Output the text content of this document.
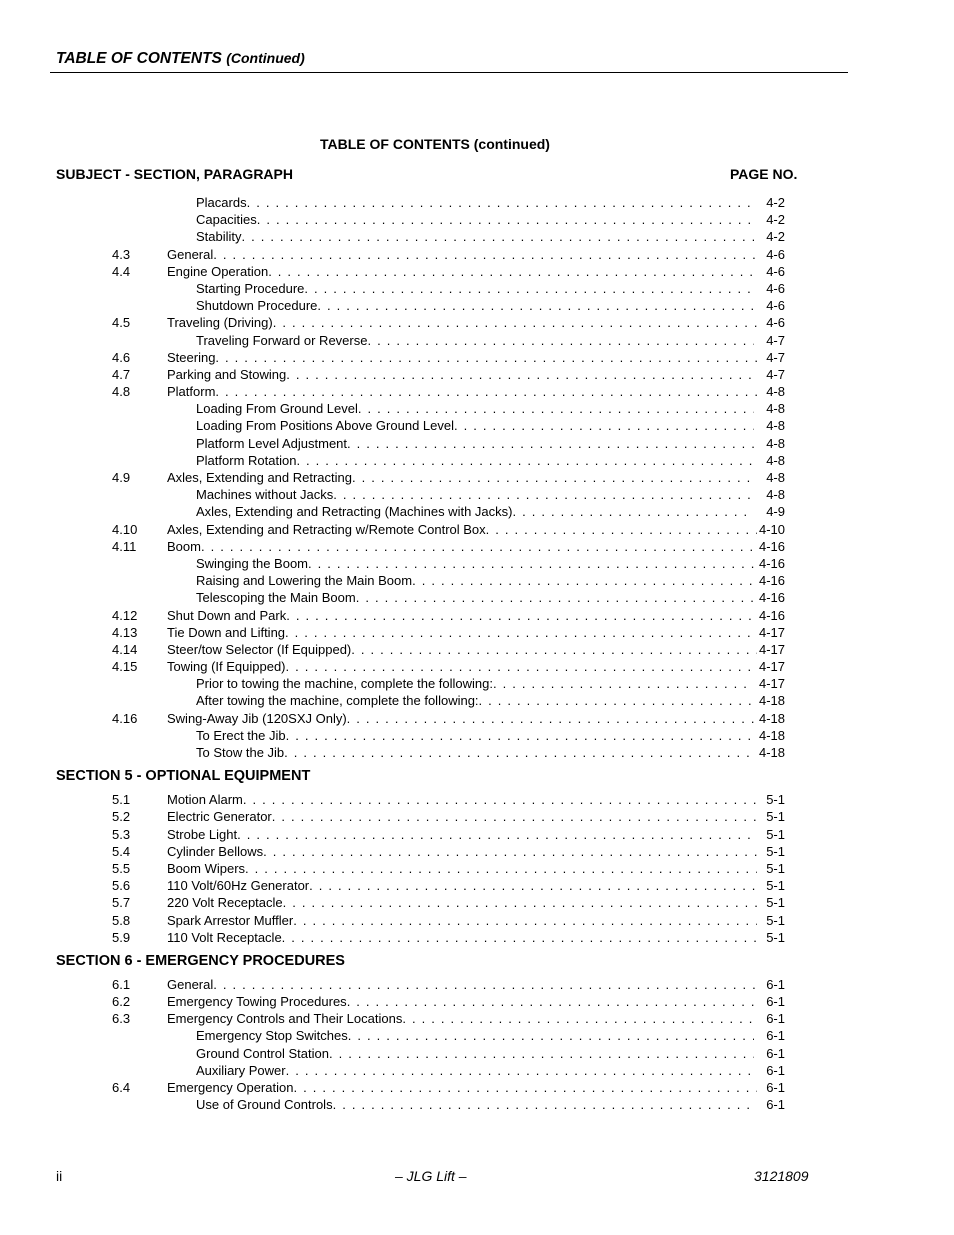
TABLE OF CONTENTS (Continued)
TABLE OF CONTENTS (continued)
SUBJECT - SECTION, PARAGRAPH	PAGE NO.
Placards . . .	4-2
Capacities . . .	4-2
Stability . . .	4-2
4.3	General . . .	4-6
4.4	Engine Operation . . .	4-6
Starting Procedure . . .	4-6
Shutdown Procedure . . .	4-6
4.5	Traveling (Driving) . . .	4-6
Traveling Forward or Reverse . . .	4-7
4.6	Steering . . .	4-7
4.7	Parking and Stowing . . .	4-7
4.8	Platform . . .	4-8
Loading From Ground Level . . .	4-8
Loading From Positions Above Ground Level . . .	4-8
Platform Level Adjustment . . .	4-8
Platform Rotation . . .	4-8
4.9	Axles, Extending and Retracting . . .	4-8
Machines without Jacks . . .	4-8
Axles, Extending and Retracting (Machines with Jacks) . . .	4-9
4.10 Axles, Extending and Retracting w/Remote Control Box . . .	4-10
4.11 Boom . . .	4-16
Swinging the Boom . . .	4-16
Raising and Lowering the Main Boom . . .	4-16
Telescoping the Main Boom . . .	4-16
4.12 Shut Down and Park . . .	4-16
4.13 Tie Down and Lifting . . .	4-17
4.14 Steer/tow Selector (If Equipped) . . .	4-17
4.15 Towing (If Equipped) . . .	4-17
Prior to towing the machine, complete the following: . . .	4-17
After towing the machine, complete the following: . . .	4-18
4.16 Swing-Away Jib (120SXJ Only) . . .	4-18
To Erect the Jib . . .	4-18
To Stow the Jib . . .	4-18
SECTION 5 - OPTIONAL EQUIPMENT
5.1	Motion Alarm . . .	5-1
5.2	Electric Generator . . .	5-1
5.3	Strobe Light . . .	5-1
5.4	Cylinder Bellows . . .	5-1
5.5	Boom Wipers . . .	5-1
5.6	110 Volt/60Hz Generator . . .	5-1
5.7	220 Volt Receptacle . . .	5-1
5.8	Spark Arrestor Muffler . . .	5-1
5.9	110 Volt Receptacle . . .	5-1
SECTION 6 - EMERGENCY PROCEDURES
6.1	General . . .	6-1
6.2	Emergency Towing Procedures . . .	6-1
6.3	Emergency Controls and Their Locations . . .	6-1
Emergency Stop Switches . . .	6-1
Ground Control Station . . .	6-1
Auxiliary Power . . .	6-1
6.4	Emergency Operation . . .	6-1
Use of Ground Controls . . .	6-1
ii	– JLG Lift –	3121809
